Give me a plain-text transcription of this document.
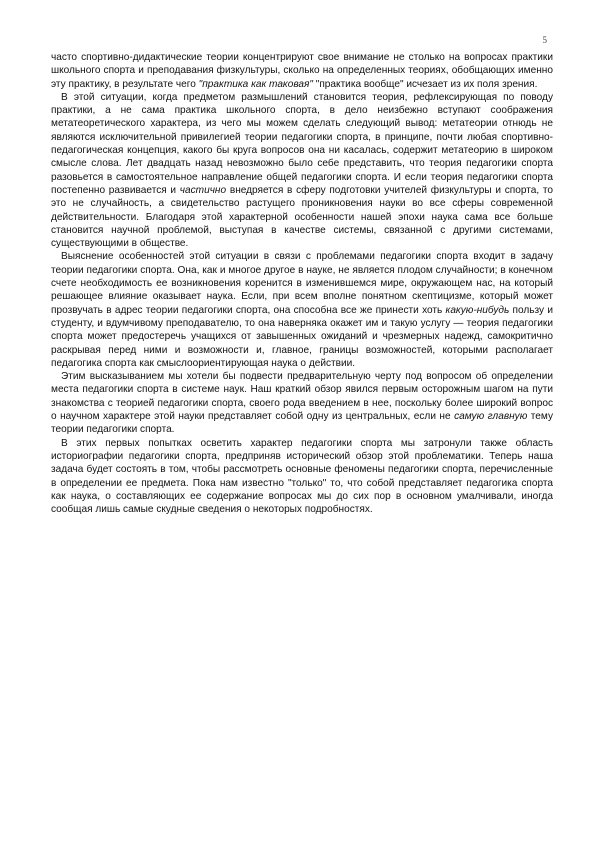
5

часто спортивно-дидактические теории концентрируют свое внимание не столько на вопросах практики школьного спорта и преподавания физкультуры, сколько на определенных теориях, обобщающих именно эту практику, в результате чего "практика как таковая" "практика вообще" исчезает из их поля зрения.

В этой ситуации, когда предметом размышлений становится теория, рефлексирующая по поводу практики, а не сама практика школьного спорта, в дело неизбежно вступают соображения метатеоретического характера, из чего мы можем сделать следующий вывод: метатеории отнюдь не являются исключительной привилегией теории педагогики спорта, в принципе, почти любая спортивно-педагогическая концепция, какого бы круга вопросов она ни касалась, содержит метатеорию в широком смысле слова. Лет двадцать назад невозможно было себе представить, что теория педагогики спорта разовьется в самостоятельное направление общей педагогики спорта. И если теория педагогики спорта постепенно развивается и частично внедряется в сферу подготовки учителей физкультуры и спорта, то это не случайность, а свидетельство растущего проникновения науки во все сферы современной действительности. Благодаря этой характерной особенности нашей эпохи наука сама все больше становится научной проблемой, выступая в качестве системы, связанной с другими системами, существующими в обществе.

Выяснение особенностей этой ситуации в связи с проблемами педагогики спорта входит в задачу теории педагогики спорта. Она, как и многое другое в науке, не является плодом случайности; в конечном счете необходимость ее возникновения коренится в изменившемся мире, окружающем нас, на который решающее влияние оказывает наука. Если, при всем вполне понятном скептицизме, который может прозвучать в адрес теории педагогики спорта, она способна все же принести хоть какую-нибудь пользу и студенту, и вдумчивому преподавателю, то она наверняка окажет им и такую услугу — теория педагогики спорта может предостеречь учащихся от завышенных ожиданий и чрезмерных надежд, самокритично раскрывая перед ними и возможности и, главное, границы возможностей, которыми располагает педагогика спорта как смыслоориентирующая наука о действии.

Этим высказыванием мы хотели бы подвести предварительную черту под вопросом об определении места педагогики спорта в системе наук. Наш краткий обзор явился первым осторожным шагом на пути знакомства с теорией педагогики спорта, своего рода введением в нее, поскольку более широкий вопрос о научном характере этой науки представляет собой одну из центральных, если не самую главную тему теории педагогики спорта.

В этих первых попытках осветить характер педагогики спорта мы затронули также область историографии педагогики спорта, предприняв исторический обзор этой проблематики. Теперь наша задача будет состоять в том, чтобы рассмотреть основные феномены педагогики спорта, перечисленные в определении ее предмета. Пока нам известно "только" то, что собой представляет педагогика спорта как наука, о составляющих ее содержание вопросах мы до сих пор в основном умалчивали, иногда сообщая лишь самые скудные сведения о некоторых подробностях.
